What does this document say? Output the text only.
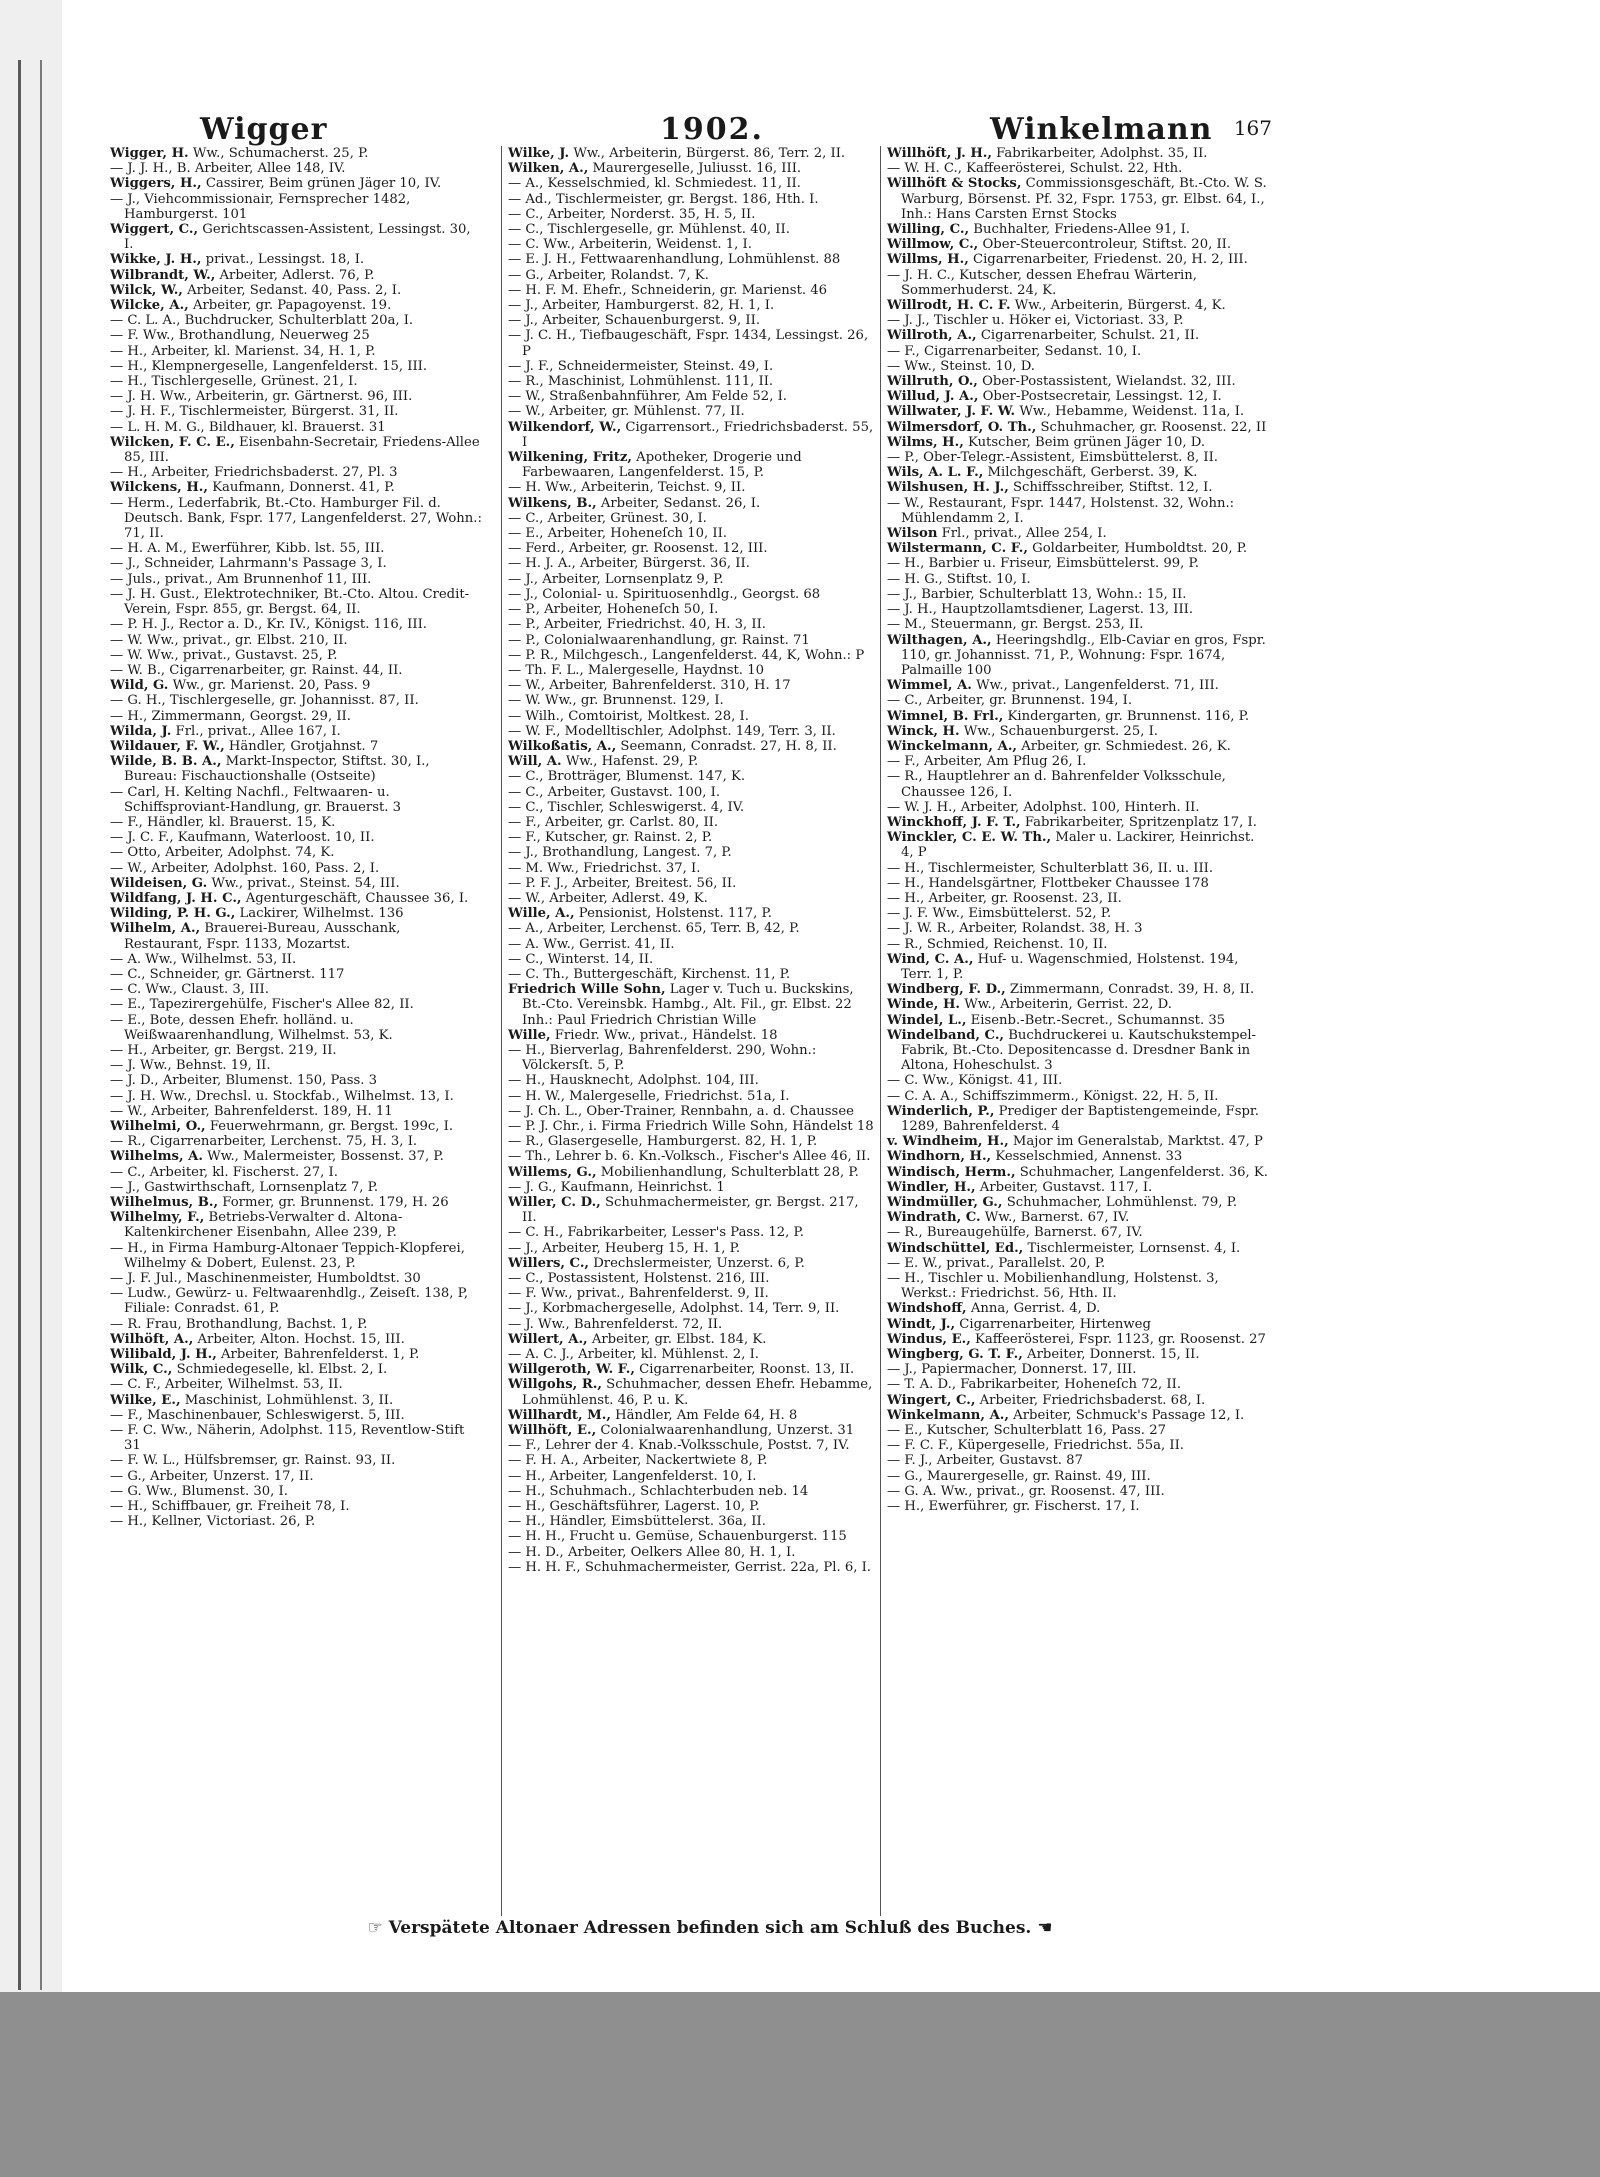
Wigger	1902.	Winkelmann 167

Wigger, H. Ww., Schumacherst. 25, P.

— J. J. H., B. Arbeiter, Allee 148, IV.

Wiggers, H., Cassirer, Beim grünen Jäger 10, IV.

— J., Viehcommissionair, Fernsprecher 1482, Hamburgerst. 101

Wiggert, C., Gerichtscassen-Assistent, Lessingst. 30, I.

Wikke, J. H., privat., Lessingst. 18, I.

Wilbrandt, W., Arbeiter, Adlerst. 76, P.

Wilck, W., Arbeiter, Sedanst. 40, Pass. 2, I.

Wilcke, A., Arbeiter, gr. Papagoyenst. 19.

— C. L. A., Buchdrucker, Schulterblatt 20a, I.

— F. Ww., Brothandlung, Neuerweg 25

— H., Arbeiter, kl. Marienst. 34, H. 1, P.

— H., Klempnergeselle, Langenfelderst. 15, III.

— H., Tischlergeselle, Grünest. 21, I.

— J. H. Ww., Arbeiterin, gr. Gärtnerst. 96, III.

— J. H. F., Tischlermeister, Bürgerst. 31, II.

— L. H. M. G., Bildhauer, kl. Brauerst. 31

Wilcken, F. C. E., Eisenbahn-Secretair, Friedens-Allee 85, III.

— H., Arbeiter, Friedrichsbaderst. 27, Pl. 3

Wilckens, H., Kaufmann, Donnerst. 41, P.

— Herm., Lederfabrik, Bt.-Cto. Hamburger Fil. d. Deutsch. Bank, Fspr. 177, Langenfelderst. 27, Wohn.: 71, II.

— H. A. M., Ewerführer, Kibb. lst. 55, III.

— J., Schneider, Lahrmann's Passage 3, I.

— Juls., privat., Am Brunnenhof 11, III.

— J. H. Gust., Elektrotechniker, Bt.-Cto. Altou. Credit-Verein, Fspr. 855, gr. Bergst. 64, II.

— P. H. J., Rector a. D., Kr. IV., Königst. 116, III.

— W. Ww., privat., gr. Elbst. 210, II.

— W. Ww., privat., Gustavst. 25, P.

— W. B., Cigarrenarbeiter, gr. Rainst. 44, II.

Wild, G. Ww., gr. Marienst. 20, Pass. 9

— G. H., Tischlergeselle, gr. Johannisst. 87, II.

— H., Zimmermann, Georgst. 29, II.

Wilda, J. Frl., privat., Allee 167, I.

Wildauer, F. W., Händler, Grotjahnst. 7

Wilde, B. B. A., Markt-Inspector, Stiftst. 30, I., Bureau: Fischauctionshalle (Ostseite)

— Carl, H. Kelting Nachfl., Feltwaaren- u. Schiffsproviant-Handlung, gr. Brauerst. 3

— F., Händler, kl. Brauerst. 15, K.

— J. C. F., Kaufmann, Waterloost. 10, II.

— Otto, Arbeiter, Adolphst. 74, K.

— W., Arbeiter, Adolphst. 160, Pass. 2, I.

Wildeisen, G. Ww., privat., Steinst. 54, III.

Wildfang, J. H. C., Agenturgeschäft, Chaussee 36, I.

Wilding, P. H. G., Lackirer, Wilhelmst. 136

Wilhelm, A., Brauerei-Bureau, Ausschank, Restaurant, Fspr. 1133, Mozartst.

— A. Ww., Wilhelmst. 53, II.

— C., Schneider, gr. Gärtnerst. 117

— C. Ww., Claust. 3, III.

— E., Tapezirergehülfe, Fischer's Allee 82, II.

— E., Bote, dessen Ehefr. holländ. u. Weißwaarenhandlung, Wilhelmst. 53, K.

— H., Arbeiter, gr. Bergst. 219, II.

— J. Ww., Behnst. 19, II.

— J. D., Arbeiter, Blumenst. 150, Pass. 3

— J. H. Ww., Drechsl. u. Stockfab., Wilhelmst. 13, I.

— W., Arbeiter, Bahrenfelderst. 189, H. 11

Wilhelmi, O., Feuerwehrmann, gr. Bergst. 199c, I.

— R., Cigarrenarbeiter, Lerchenst. 75, H. 3, I.

Wilhelms, A. Ww., Malermeister, Bossenst. 37, P.

— C., Arbeiter, kl. Fischerst. 27, I.

— J., Gastwirthschaft, Lornsenplatz 7, P.

Wilhelmus, B., Former, gr. Brunnenst. 179, H. 26

Wilhelmy, F., Betriebs-Verwalter d. Altona-Kaltenkirchener Eisenbahn, Allee 239, P.

— H., in Firma Hamburg-Altonaer Teppich-Klopferei, Wilhelmy & Dobert, Eulenst. 23, P.

— J. F. Jul., Maschinenmeister, Humboldtst. 30

— Ludw., Gewürz- u. Feltwaarenhdlg., Zeiseſt. 138, P, Filiale: Conradst. 61, P.

— R. Frau, Brothandlung, Bachst. 1, P.

Wilhöft, A., Arbeiter, Alton. Hochst. 15, III.

Wilibald, J. H., Arbeiter, Bahrenfelderst. 1, P.

Wilk, C., Schmiedegeselle, kl. Elbst. 2, I.

— C. F., Arbeiter, Wilhelmst. 53, II.

Wilke, E., Maschinist, Lohmühlenst. 3, II.

— F., Maschinenbauer, Schleswigerst. 5, III.

— F. C. Ww., Näherin, Adolphst. 115, Reventlow-Stift 31

— F. W. L., Hülfsbremser, gr. Rainst. 93, II.

— G., Arbeiter, Unzerst. 17, II.

— G. Ww., Blumenst. 30, I.

— H., Schiffbauer, gr. Freiheit 78, I.

— H., Kellner, Victoriast. 26, P.

Wilke, J. Ww., Arbeiterin, Bürgerst. 86, Terr. 2, II.

Wilken, A., Maurergeselle, Juliusst. 16, III.

— A., Kesselschmied, kl. Schmiedest. 11, II.

— Ad., Tischlermeister, gr. Bergst. 186, Hth. I.

— C., Arbeiter, Norderst. 35, H. 5, II.

— C., Tischlergeselle, gr. Mühlenst. 40, II.

— C. Ww., Arbeiterin, Weidenst. 1, I.

— E. J. H., Fettwaarenhandlung, Lohmühlenst. 88

— G., Arbeiter, Rolandst. 7, K.

— H. F. M. Ehefr., Schneiderin, gr. Marienst. 46

— J., Arbeiter, Hamburgerst. 82, H. 1, I.

— J., Arbeiter, Schauenburgerst. 9, II.

— J. C. H., Tiefbaugeschäft, Fspr. 1434, Lessingst. 26, P

— J. F., Schneidermeister, Steinst. 49, I.

— R., Maschinist, Lohmühlenst. 111, II.

— W., Straßenbahnführer, Am Felde 52, I.

— W., Arbeiter, gr. Mühlenst. 77, II.

Wilkendorf, W., Cigarrensort., Friedrichsbaderst. 55, I

Wilkening, Fritz, Apotheker, Drogerie und Farbewaaren, Langenfelderst. 15, P.

— H. Ww., Arbeiterin, Teichst. 9, II.

Wilkens, B., Arbeiter, Sedanst. 26, I.

— C., Arbeiter, Grünest. 30, I.

— E., Arbeiter, Hoheneſch 10, II.

— Ferd., Arbeiter, gr. Roosenst. 12, III.

— H. J. A., Arbeiter, Bürgerst. 36, II.

— J., Arbeiter, Lornsenplatz 9, P.

— J., Colonial- u. Spirituosenhdlg., Georgst. 68

— P., Arbeiter, Hoheneſch 50, I.

— P., Arbeiter, Friedrichst. 40, H. 3, II.

— P., Colonialwaarenhandlung, gr. Rainst. 71

— P. R., Milchgesch., Langenfelderst. 44, K, Wohn.: P

— Th. F. L., Malergeselle, Haydnst. 10

— W., Arbeiter, Bahrenfelderst. 310, H. 17

— W. Ww., gr. Brunnenst. 129, I.

— Wilh., Comtoirist, Moltkest. 28, I.

— W. F., Modelltischler, Adolphst. 149, Terr. 3, II.

Wilkoßatis, A., Seemann, Conradst. 27, H. 8, II.

Will, A. Ww., Hafenst. 29, P.

— C., Brotträger, Blumenst. 147, K.

— C., Arbeiter, Gustavst. 100, I.

— C., Tischler, Schleswigerst. 4, IV.

— F., Arbeiter, gr. Carlst. 80, II.

— F., Kutscher, gr. Rainst. 2, P.

— J., Brothandlung, Langest. 7, P.

— M. Ww., Friedrichst. 37, I.

— P. F. J., Arbeiter, Breitest. 56, II.

— W., Arbeiter, Adlerst. 49, K.

Wille, A., Pensionist, Holstenst. 117, P.

— A., Arbeiter, Lerchenst. 65, Terr. B, 42, P.

— A. Ww., Gerrist. 41, II.

— C., Winterst. 14, II.

— C. Th., Buttergeschäft, Kirchenst. 11, P.

Friedrich Wille Sohn, Lager v. Tuch u. Buckskins, Bt.-Cto. Vereinsbk. Hambg., Alt. Fil., gr. Elbst. 22 Inh.: Paul Friedrich Christian Wille

Wille, Friedr. Ww., privat., Händelst. 18

— H., Bierverlag, Bahrenfelderst. 290, Wohn.: Völckersſt. 5, P.

— H., Hausknecht, Adolphst. 104, III.

— H. W., Malergeselle, Friedrichst. 51a, I.

— J. Ch. L., Ober-Trainer, Rennbahn, a. d. Chaussee

— P. J. Chr., i. Firma Friedrich Wille Sohn, Händelst 18

— R., Glasergeselle, Hamburgerst. 82, H. 1, P.

— Th., Lehrer b. 6. Kn.-Volksch., Fischer's Allee 46, II.

Willems, G., Mobilienhandlung, Schulterblatt 28, P.

— J. G., Kaufmann, Heinrichst. 1

Willer, C. D., Schuhmachermeister, gr. Bergst. 217, II.

— C. H., Fabrikarbeiter, Lesser's Pass. 12, P.

— J., Arbeiter, Heuberg 15, H. 1, P.

Willers, C., Drechslermeister, Unzerst. 6, P.

— C., Postassistent, Holstenst. 216, III.

— F. Ww., privat., Bahrenfelderst. 9, II.

— J., Korbmachergeselle, Adolphst. 14, Terr. 9, II.

— J. Ww., Bahrenfelderst. 72, II.

Willert, A., Arbeiter, gr. Elbst. 184, K.

— A. C. J., Arbeiter, kl. Mühlenst. 2, I.

Willgeroth, W. F., Cigarrenarbeiter, Roonst. 13, II.

Willgohs, R., Schuhmacher, dessen Ehefr. Hebamme, Lohmühlenst. 46, P. u. K.

Willhardt, M., Händler, Am Felde 64, H. 8

Willhöft, E., Colonialwaarenhandlung, Unzerst. 31

— F., Lehrer der 4. Knab.-Volksschule, Postst. 7, IV.

— F. H. A., Arbeiter, Nackertwiete 8, P.

— H., Arbeiter, Langenfelderst. 10, I.

— H., Schuhmach., Schlachterbuden neb. 14

— H., Geschäftsführer, Lagerst. 10, P.

— H., Händler, Eimsbüttelerst. 36a, II.

— H. H., Frucht u. Gemüse, Schauenburgerst. 115

— H. D., Arbeiter, Oelkers Allee 80, H. 1, I.

— H. H. F., Schuhmachermeister, Gerrist. 22a, Pl. 6, I.

Willhöft, J. H., Fabrikarbeiter, Adolphst. 35, II.

— W. H. C., Kaffeerösterei, Schulst. 22, Hth.

Willhöft & Stocks, Commissionsgeschäft, Bt.-Cto. W. S. Warburg, Börsenst. Pf. 32, Fspr. 1753, gr. Elbst. 64, I., Inh.: Hans Carsten Ernst Stocks

Willing, C., Buchhalter, Friedens-Allee 91, I.

Willmow, C., Ober-Steuercontroleur, Stiftst. 20, II.

Willms, H., Cigarrenarbeiter, Friedenst. 20, H. 2, III.

— J. H. C., Kutscher, dessen Ehefrau Wärterin, Sommerhuderst. 24, K.

Willrodt, H. C. F. Ww., Arbeiterin, Bürgerst. 4, K.

— J. J., Tischler u. Höker ei, Victoriast. 33, P.

Willroth, A., Cigarrenarbeiter, Schulst. 21, II.

— F., Cigarrenarbeiter, Sedanst. 10, I.

— Ww., Steinst. 10, D.

Willruth, O., Ober-Postassistent, Wielandst. 32, III.

Willud, J. A., Ober-Postsecretair, Lessingst. 12, I.

Willwater, J. F. W. Ww., Hebamme, Weidenst. 11a, I.

Wilmersdorf, O. Th., Schuhmacher, gr. Roosenst. 22, II

Wilms, H., Kutscher, Beim grünen Jäger 10, D.

— P., Ober-Telegr.-Assistent, Eimsbüttelerst. 8, II.

Wils, A. L. F., Milchgeschäft, Gerberst. 39, K.

Wilshusen, H. J., Schiffsschreiber, Stiftst. 12, I.

— W., Restaurant, Fspr. 1447, Holstenst. 32, Wohn.: Mühlendamm 2, I.

Wilson Frl., privat., Allee 254, I.

Wilstermann, C. F., Goldarbeiter, Humboldtst. 20, P.

— H., Barbier u. Friseur, Eimsbüttelerst. 99, P.

— H. G., Stiftst. 10, I.

— J., Barbier, Schulterblatt 13, Wohn.: 15, II.

— J. H., Hauptzollamtsdiener, Lagerst. 13, III.

— M., Steuermann, gr. Bergst. 253, II.

Wilthagen, A., Heeringshdlg., Elb-Caviar en gros, Fspr. 110, gr. Johannisst. 71, P., Wohnung: Fspr. 1674, Palmaille 100

Wimmel, A. Ww., privat., Langenfelderst. 71, III.

— C., Arbeiter, gr. Brunnenst. 194, I.

Wimnel, B. Frl., Kindergarten, gr. Brunnenst. 116, P.

Winck, H. Ww., Schauenburgerst. 25, I.

Winckelmann, A., Arbeiter, gr. Schmiedest. 26, K.

— F., Arbeiter, Am Pflug 26, I.

— R., Hauptlehrer an d. Bahrenfelder Volksschule, Chaussee 126, I.

— W. J. H., Arbeiter, Adolphst. 100, Hinterh. II.

Winckhoff, J. F. T., Fabrikarbeiter, Spritzenplatz 17, I.

Winckler, C. E. W. Th., Maler u. Lackirer, Heinrichst. 4, P

— H., Tischlermeister, Schulterblatt 36, II. u. III.

— H., Handelsgärtner, Flottbeker Chaussee 178

— H., Arbeiter, gr. Roosenst. 23, II.

— J. F. Ww., Eimsbüttelerst. 52, P.

— J. W. R., Arbeiter, Rolandst. 38, H. 3

— R., Schmied, Reichenst. 10, II.

Wind, C. A., Huf- u. Wagenschmied, Holstenst. 194, Terr. 1, P.

Windberg, F. D., Zimmermann, Conradst. 39, H. 8, II.

Winde, H. Ww., Arbeiterin, Gerrist. 22, D.

Windel, L., Eisenb.-Betr.-Secret., Schumannst. 35

Windelband, C., Buchdruckerei u. Kautschukstempel-Fabrik, Bt.-Cto. Depositencasse d. Dresdner Bank in Altona, Hoheschulst. 3

— C. Ww., Königst. 41, III.

— C. A. A., Schiffszimmerm., Königst. 22, H. 5, II.

Winderlich, P., Prediger der Baptistengemeinde, Fspr. 1289, Bahrenfelderst. 4

v. Windheim, H., Major im Generalstab, Marktst. 47, P

Windhorn, H., Kesselschmied, Annenst. 33

Windisch, Herm., Schuhmacher, Langenfelderst. 36, K.

Windler, H., Arbeiter, Gustavst. 117, I.

Windmüller, G., Schuhmacher, Lohmühlenst. 79, P.

Windrath, C. Ww., Barnerst. 67, IV.

— R., Bureaugehülfe, Barnerst. 67, IV.

Windschüttel, Ed., Tischlermeister, Lornsenst. 4, I.

— E. W., privat., Parallelst. 20, P.

— H., Tischler u. Mobilienhandlung, Holstenst. 3, Werkst.: Friedrichst. 56, Hth. II.

Windshoff, Anna, Gerrist. 4, D.

Windt, J., Cigarrenarbeiter, Hirtenweg

Windus, E., Kaffeerösterei, Fspr. 1123, gr. Roosenst. 27

Wingberg, G. T. F., Arbeiter, Donnerst. 15, II.

— J., Papiermacher, Donnerst. 17, III.

— T. A. D., Fabrikarbeiter, Hoheneſch 72, II.

Wingert, C., Arbeiter, Friedrichsbaderst. 68, I.

Winkelmann, A., Arbeiter, Schmuck's Passage 12, I.

— E., Kutscher, Schulterblatt 16, Pass. 27

— F. C. F., Küpergeselle, Friedrichst. 55a, II.

— F. J., Arbeiter, Gustavst. 87

— G., Maurergeselle, gr. Rainst. 49, III.

— G. A. Ww., privat., gr. Roosenst. 47, III.

— H., Ewerführer, gr. Fischerst. 17, I.

☞ Verspätete Altonaer Adressen befinden sich am Schluß des Buches. ☚
